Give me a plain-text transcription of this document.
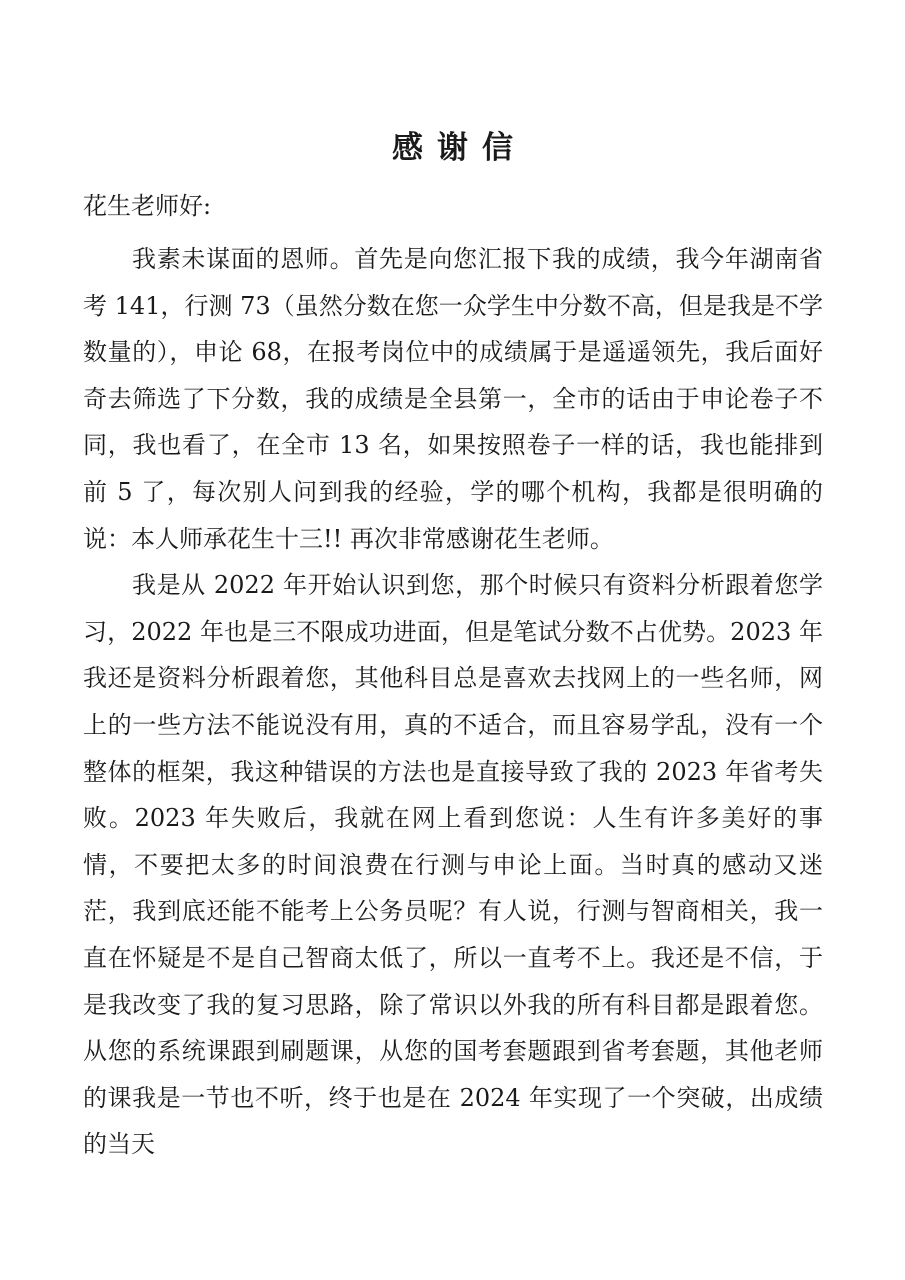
感谢信
花生老师好:

我素未谋面的恩师。首先是向您汇报下我的成绩，我今年湖南省考 141，行测 73（虽然分数在您一众学生中分数不高，但是我是不学数量的），申论 68，在报考岗位中的成绩属于是遥遥领先，我后面好奇去筛选了下分数，我的成绩是全县第一，全市的话由于申论卷子不同，我也看了，在全市 13 名，如果按照卷子一样的话，我也能排到前 5 了，每次别人问到我的经验，学的哪个机构，我都是很明确的说：本人师承花生十三!! 再次非常感谢花生老师。

我是从 2022 年开始认识到您，那个时候只有资料分析跟着您学习，2022 年也是三不限成功进面，但是笔试分数不占优势。2023 年我还是资料分析跟着您，其他科目总是喜欢去找网上的一些名师，网上的一些方法不能说没有用，真的不适合，而且容易学乱，没有一个整体的框架，我这种错误的方法也是直接导致了我的 2023 年省考失败。2023 年失败后，我就在网上看到您说：人生有许多美好的事情，不要把太多的时间浪费在行测与申论上面。当时真的感动又迷茫，我到底还能不能考上公务员呢？有人说，行测与智商相关，我一直在怀疑是不是自己智商太低了，所以一直考不上。我还是不信，于是我改变了我的复习思路，除了常识以外我的所有科目都是跟着您。从您的系统课跟到刷题课，从您的国考套题跟到省考套题，其他老师的课我是一节也不听，终于也是在 2024 年实现了一个突破，出成绩的当天
